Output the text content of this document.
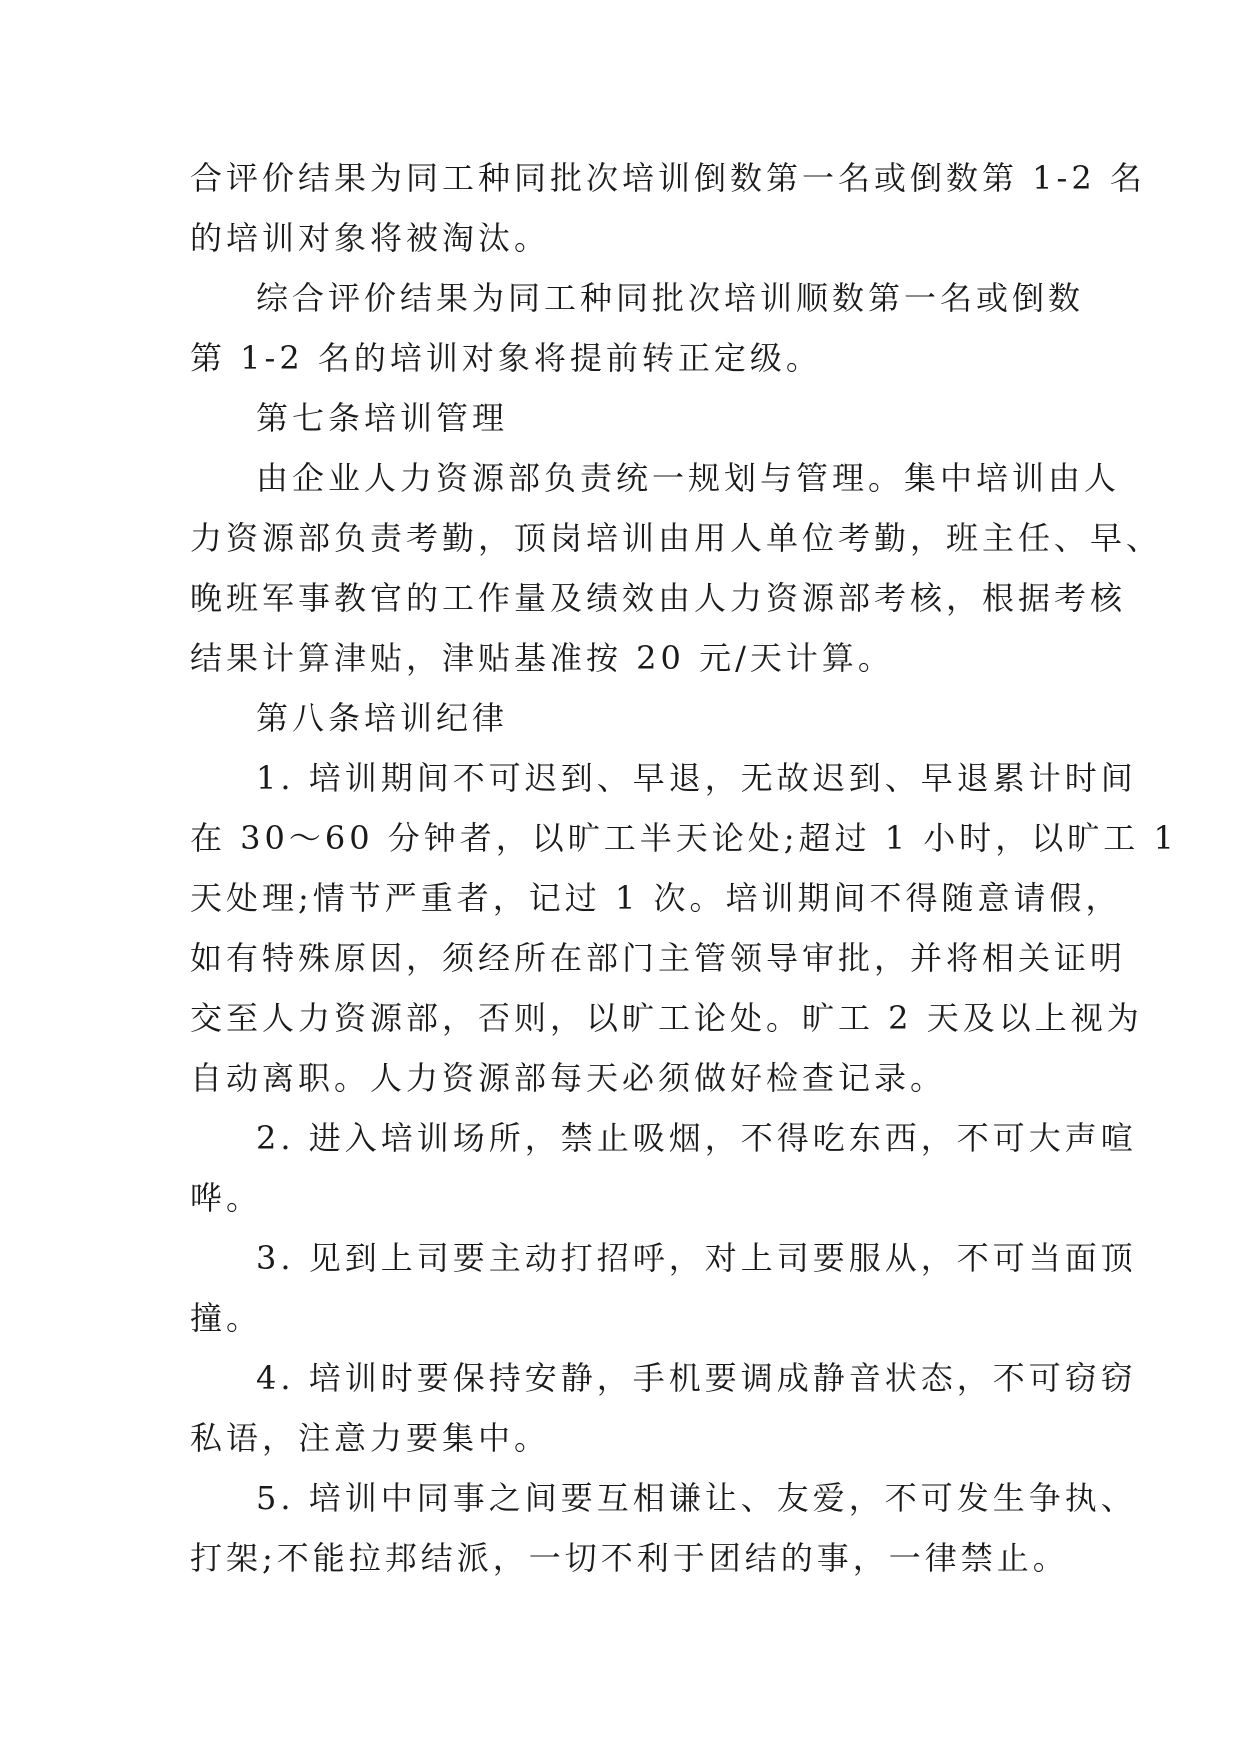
合评价结果为同工种同批次培训倒数第一名或倒数第 1-2 名
的培训对象将被淘汰。
综合评价结果为同工种同批次培训顺数第一名或倒数
第 1-2 名的培训对象将提前转正定级。
第七条培训管理
由企业人力资源部负责统一规划与管理。集中培训由人
力资源部负责考勤，顶岗培训由用人单位考勤，班主任、早、
晚班军事教官的工作量及绩效由人力资源部考核，根据考核
结果计算津贴，津贴基准按 20 元/天计算。
第八条培训纪律
1. 培训期间不可迟到、早退，无故迟到、早退累计时间
在 30～60 分钟者，以旷工半天论处;超过 1 小时，以旷工 1
天处理;情节严重者，记过 1 次。培训期间不得随意请假，
如有特殊原因，须经所在部门主管领导审批，并将相关证明
交至人力资源部，否则，以旷工论处。旷工 2 天及以上视为
自动离职。人力资源部每天必须做好检查记录。
2. 进入培训场所，禁止吸烟，不得吃东西，不可大声喧
哗。
3. 见到上司要主动打招呼，对上司要服从，不可当面顶
撞。
4. 培训时要保持安静，手机要调成静音状态，不可窃窃
私语，注意力要集中。
5. 培训中同事之间要互相谦让、友爱，不可发生争执、
打架;不能拉邦结派，一切不利于团结的事，一律禁止。
